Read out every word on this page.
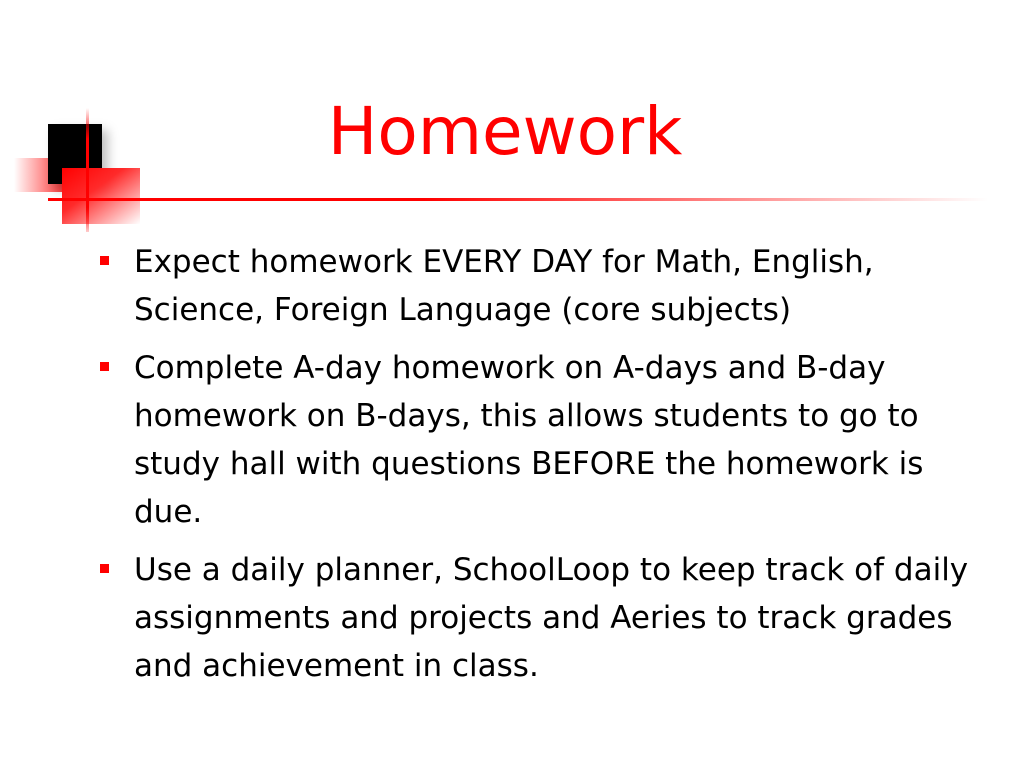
Homework
Expect homework EVERY DAY for Math, English, Science, Foreign Language (core subjects)
Complete A-day homework on A-days and B-day homework on B-days, this allows students to go to study hall with questions BEFORE the homework is due.
Use a daily planner, SchoolLoop to keep track of daily assignments and projects and Aeries to track grades and achievement in class.
